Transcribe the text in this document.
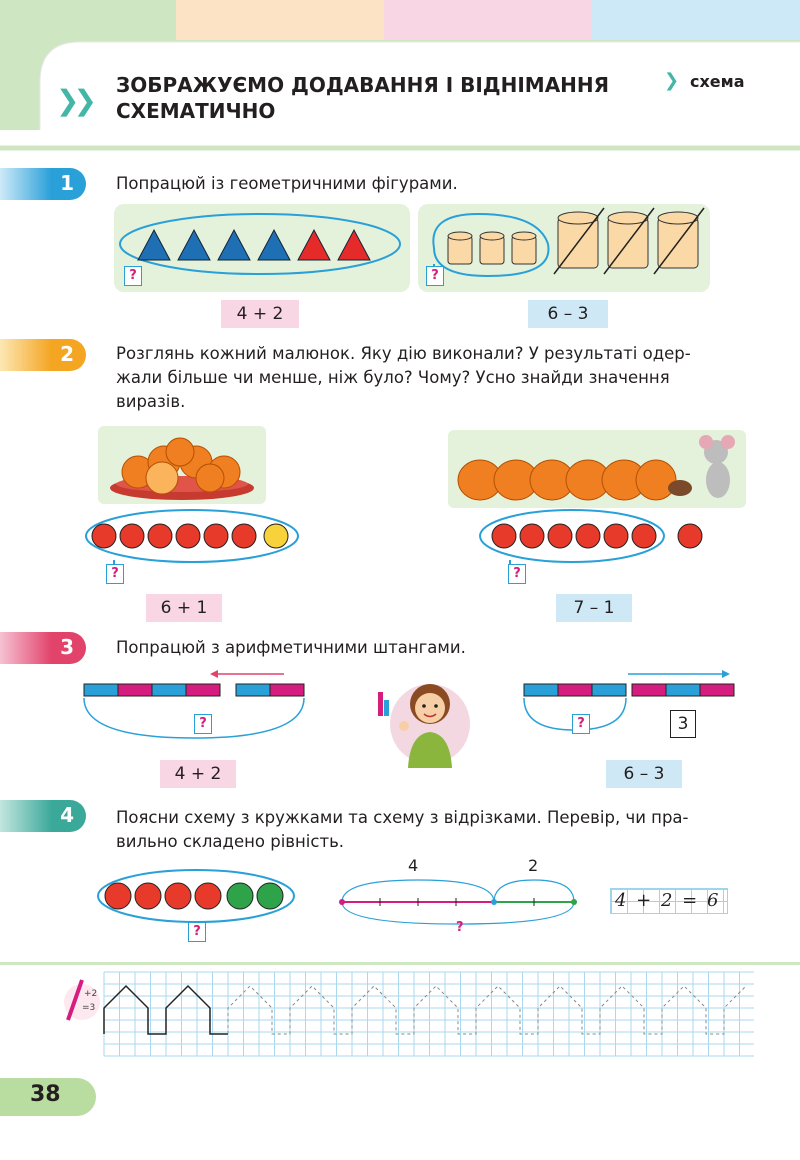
❯❯ ЗОБРАЖУЄМО ДОДАВАННЯ І ВІДНІМАННЯ
СХЕМАТИЧНО
❯ схема
1	Попрацюй із геометричними фігурами.
?
4 + 2
?
6 – 3
2	Розглянь кожний малюнок. Яку дію виконали? У результаті одер-
жали більше чи менше, ніж було? Чому? Усно знайди значення
виразів.
?
6 + 1
?
7 – 1
3	Попрацюй з арифметичними штангами.
?
4 + 2
?	3
6 – 3
4	Поясни схему з кружками та схему з відрізками. Перевір, чи пра-
вильно складено рівність.
?
4	2
?
4 + 2 = 6
+2
=3
38
